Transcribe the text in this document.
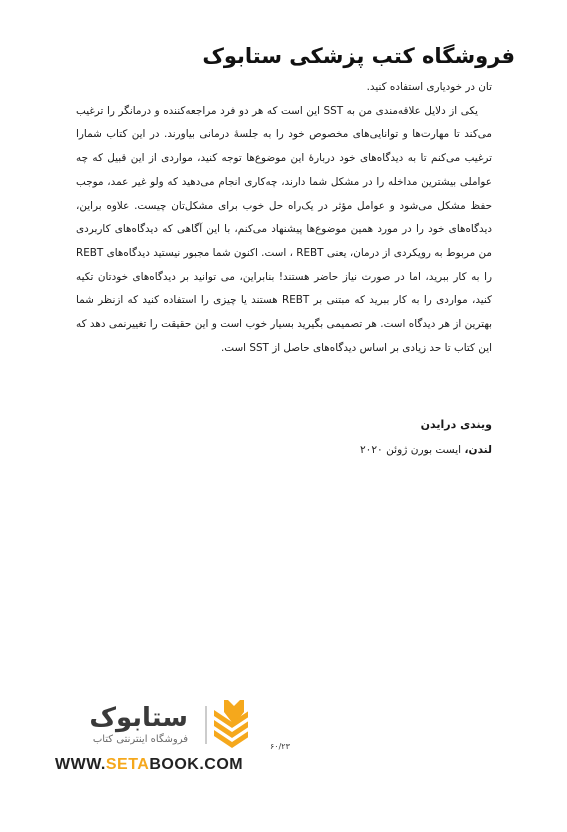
فروشگاه کتب پزشکی ستابوک

تان در خودیاری استفاده کنید.

یکی از دلایل علاقه‌مندی من به SST این است که هر دو فرد مراجعه‌کننده و درمانگر را ترغیب می‌کند تا مهارت‌ها و توانایی‌های مخصوص خود را به جلسهٔ درمانی بیاورند. در این کتاب شمارا ترغیب می‌کنم تا به دیدگاه‌های خود دربارهٔ این موضوع‌ها توجه کنید، مواردی از این قبیل که چه عواملی بیشترین مداخله را در مشکل شما دارند، چه‌کاری انجام می‌دهید که ولو غیر عمد، موجب حفظ مشکل می‌شود و عوامل مؤثر در یک‌راه حل خوب برای مشکل‌تان چیست. علاوه براین، دیدگاه‌های خود را در مورد همین موضوع‌ها پیشنهاد می‌کنم، با این آگاهی که دیدگاه‌های کاربردی من مربوط به رویکردی از درمان، یعنی REBT ، است. اکنون شما مجبور نیستید دیدگاه‌های REBT را به کار ببرید، اما در صورت نیاز حاضر هستند! بنابراین، می توانید بر دیدگاه‌های خودتان تکیه کنید، مواردی را به کار ببرید که مبتنی بر REBT هستند یا چیزی را استفاده کنید که ازنظر شما بهترین از هر دیدگاه است. هر تصمیمی بگیرید بسیار خوب است و این حقیقت را تغییرنمی دهد که این کتاب تا حد زیادی بر اساس دیدگاه‌های حاصل از SST است.

ویندی درایدن
لندن، ایست بورن ژوئن ۲۰۲۰
ستابوک
فروشگاه اینترنتی کتاب
WWW.SETABOOK.COM
۶۰/۲۳
